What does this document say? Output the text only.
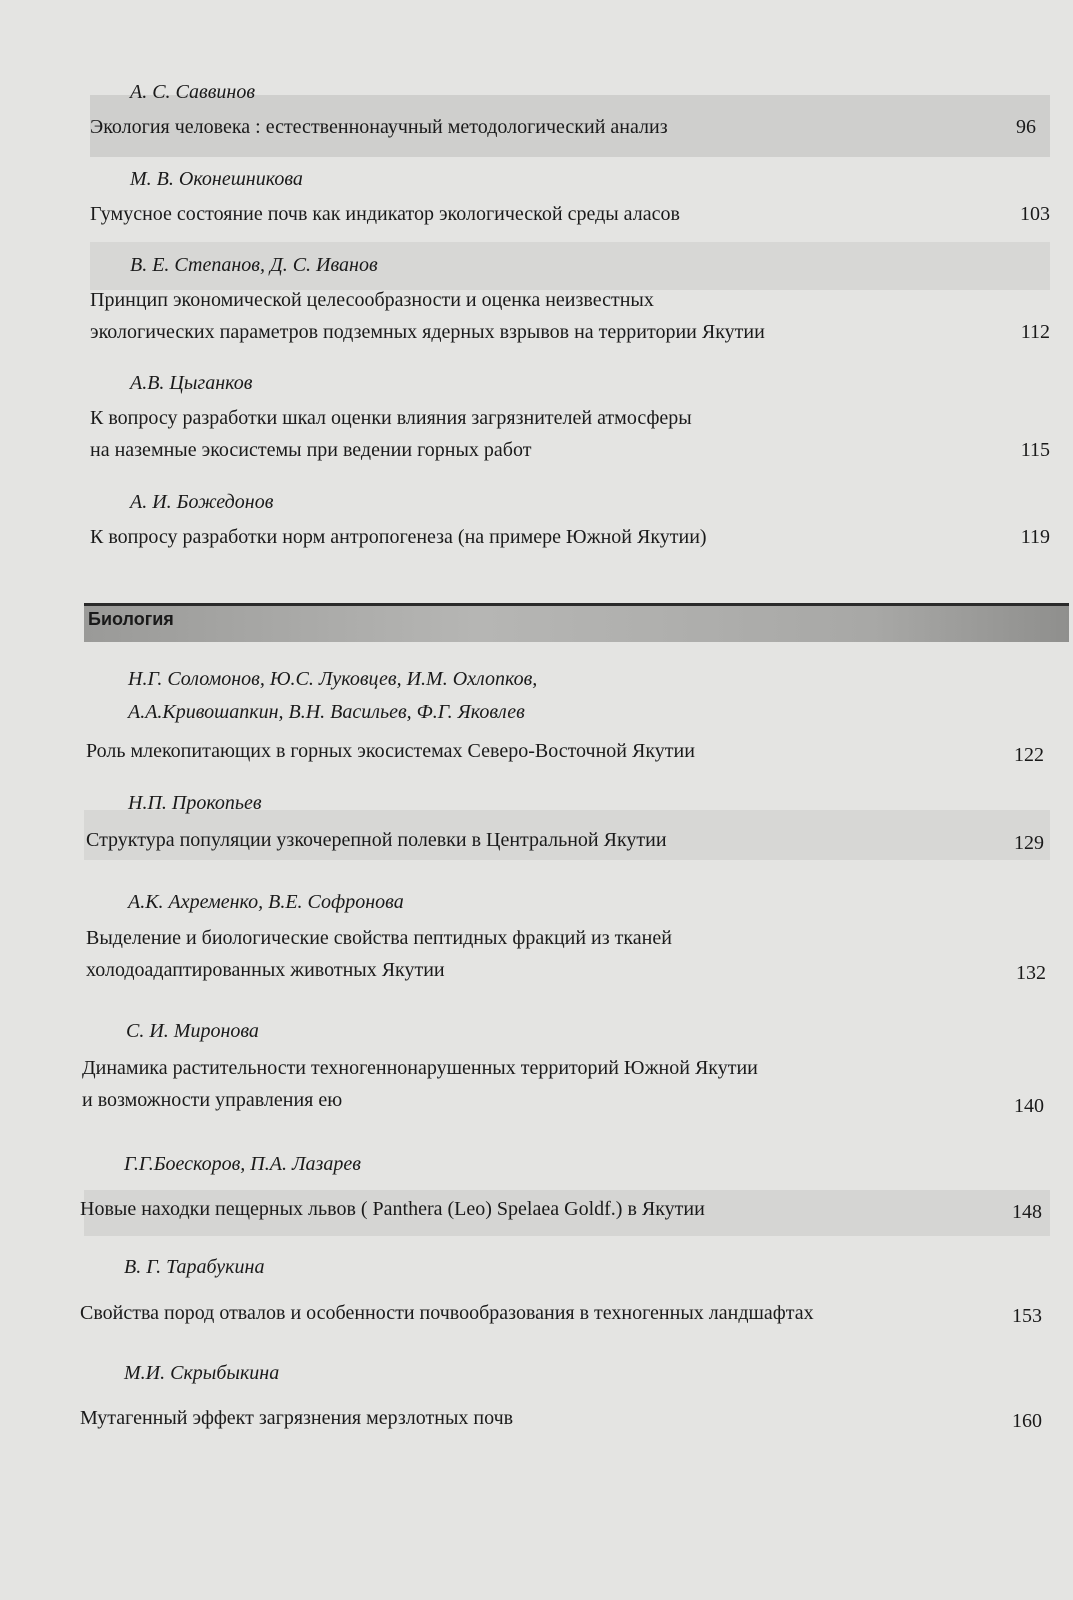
А. С. Саввинов
Экология человека : естественнонаучный методологический анализ	96
М. В. Оконешникова
Гумусное состояние почв как индикатор экологической среды аласов	103
В. Е. Степанов, Д. С. Иванов
Принцип экономической целесообразности и оценка неизвестных
экологических параметров подземных ядерных взрывов на территории Якутии	112
А.В. Цыганков
К вопросу разработки шкал оценки влияния загрязнителей атмосферы
на наземные экосистемы при ведении горных работ	115
А. И. Божедонов
К вопросу разработки норм антропогенеза (на примере Южной Якутии)	119
Биология
Н.Г. Соломонов, Ю.С. Луковцев, И.М. Охлопков,
А.А.Кривошапкин, В.Н. Васильев, Ф.Г. Яковлев
Роль млекопитающих в горных экосистемах Северо-Восточной Якутии	122
Н.П. Прокопьев
Структура популяции узкочерепной полевки в Центральной Якутии	129
А.К. Ахременко, В.Е. Софронова
Выделение и биологические свойства пептидных фракций из тканей
холодоадаптированных животных Якутии	132
С. И. Миронова
Динамика растительности техногеннонарушенных территорий Южной Якутии
и возможности управления ею	140
Г.Г.Боескоров, П.А. Лазарев
Новые находки пещерных львов ( Panthera (Leo) Spelaea Goldf.) в Якутии	148
В. Г. Тарабукина
Свойства пород отвалов и особенности почвообразования в техногенных ландшафтах	153
М.И. Скрыбыкина
Мутагенный эффект загрязнения мерзлотных почв	160
